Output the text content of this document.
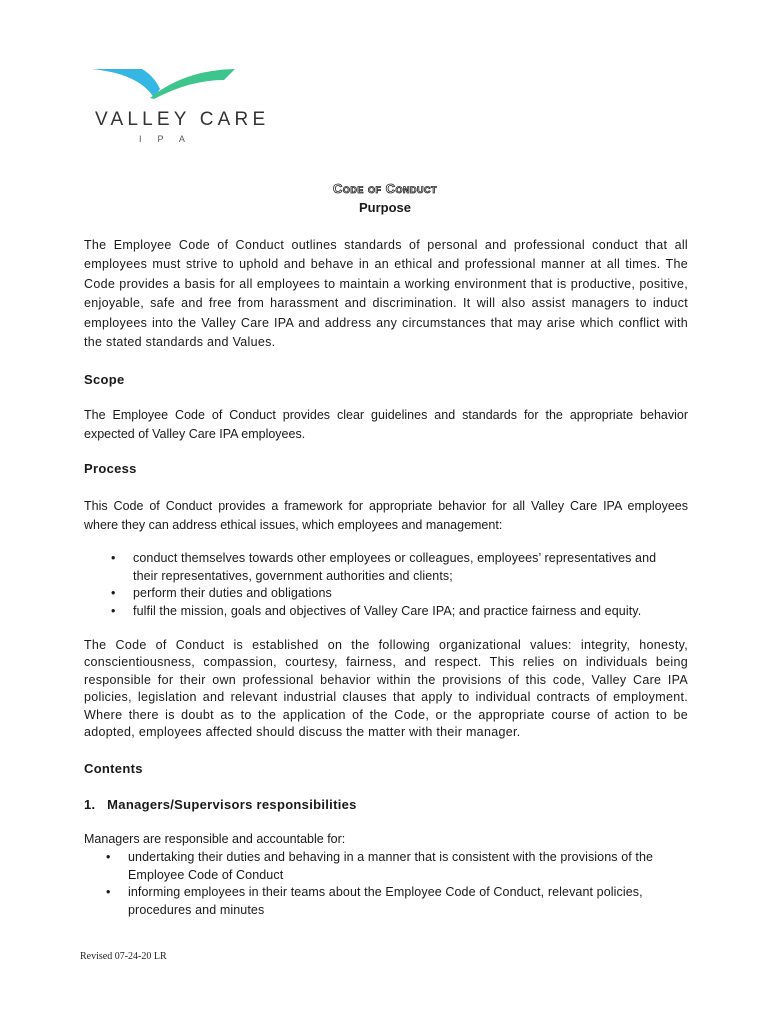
VALLEY CARE
IPA
Code of Conduct
Purpose
The Employee Code of Conduct outlines standards of personal and professional conduct that all employees must strive to uphold and behave in an ethical and professional manner at all times. The Code provides a basis for all employees to maintain a working environment that is productive, positive, enjoyable, safe and free from harassment and discrimination. It will also assist managers to induct employees into the Valley Care IPA and address any circumstances that may arise which conflict with the stated standards and Values.
Scope
The Employee Code of Conduct provides clear guidelines and standards for the appropriate behavior expected of Valley Care IPA employees.
Process
This Code of Conduct provides a framework for appropriate behavior for all Valley Care IPA employees where they can address ethical issues, which employees and management:
• conduct themselves towards other employees or colleagues, employees’ representatives and their representatives, government authorities and clients;
• perform their duties and obligations
• fulfil the mission, goals and objectives of Valley Care IPA; and practice fairness and equity.
The Code of Conduct is established on the following organizational values: integrity, honesty, conscientiousness, compassion, courtesy, fairness, and respect. This relies on individuals being responsible for their own professional behavior within the provisions of this code, Valley Care IPA policies, legislation and relevant industrial clauses that apply to individual contracts of employment. Where there is doubt as to the application of the Code, or the appropriate course of action to be adopted, employees affected should discuss the matter with their manager.
Contents
1.   Managers/Supervisors responsibilities
Managers are responsible and accountable for:
• undertaking their duties and behaving in a manner that is consistent with the provisions of the Employee Code of Conduct
• informing employees in their teams about the Employee Code of Conduct, relevant policies, procedures and minutes
Revised 07-24-20 LR
